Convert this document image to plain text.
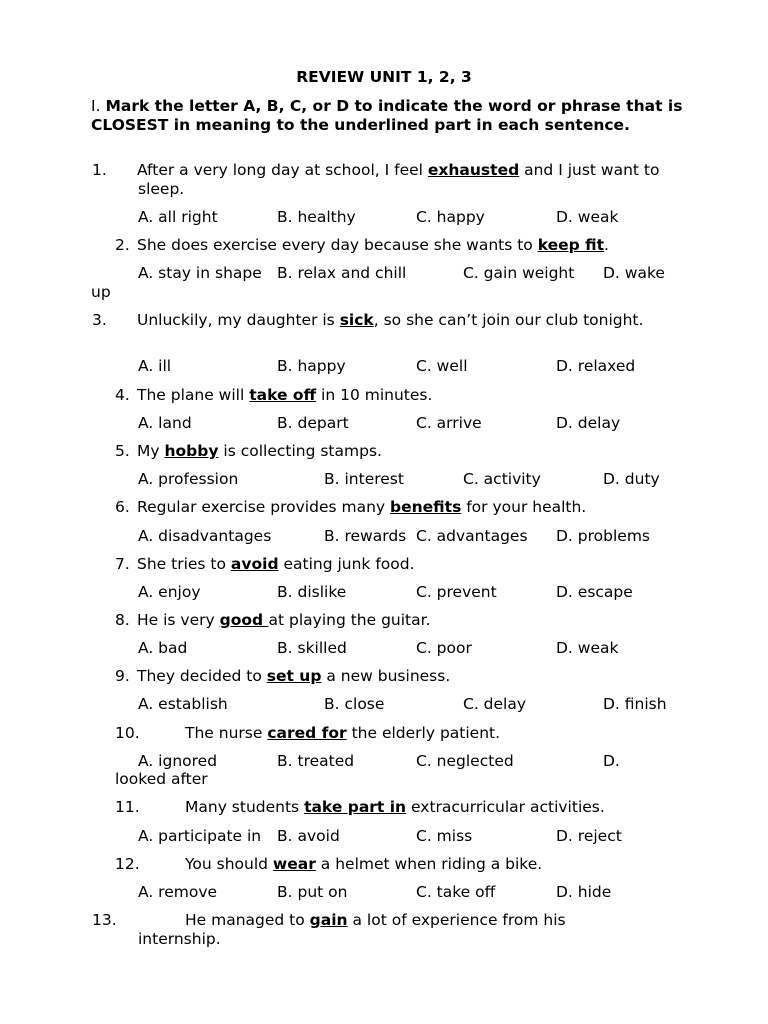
REVIEW UNIT 1, 2, 3
I. Mark the letter A, B, C, or D to indicate the word or phrase that is CLOSEST in meaning to the underlined part in each sentence.
1. After a very long day at school, I feel exhausted and I just want to sleep.
A. all right	B. healthy	C. happy	D. weak
2. She does exercise every day because she wants to keep fit.
A. stay in shape B. relax and chill	C. gain weight D. wake
up
3. Unluckily, my daughter is sick, so she can’t join our club tonight.
A. ill	B. happy	C. well	D. relaxed
4. The plane will take off in 10 minutes.
A. land	B. depart	C. arrive	D. delay
5. My hobby is collecting stamps.
A. profession	B. interest	C. activity	D. duty
6. Regular exercise provides many benefits for your health.
A. disadvantages	B. rewards C. advantages D. problems
7. She tries to avoid eating junk food.
A. enjoy	B. dislike	C. prevent	D. escape
8. He is very good at playing the guitar.
A. bad	B. skilled	C. poor	D. weak
9. They decided to set up a new business.
A. establish	B. close	C. delay	D. finish
10.	The nurse cared for the elderly patient.
A. ignored	B. treated	C. neglected	D.
looked after
11.	Many students take part in extracurricular activities.
A. participate in B. avoid	C. miss	D. reject
12.	You should wear a helmet when riding a bike.
A. remove	B. put on	C. take off	D. hide
13.	He managed to gain a lot of experience from his internship.
